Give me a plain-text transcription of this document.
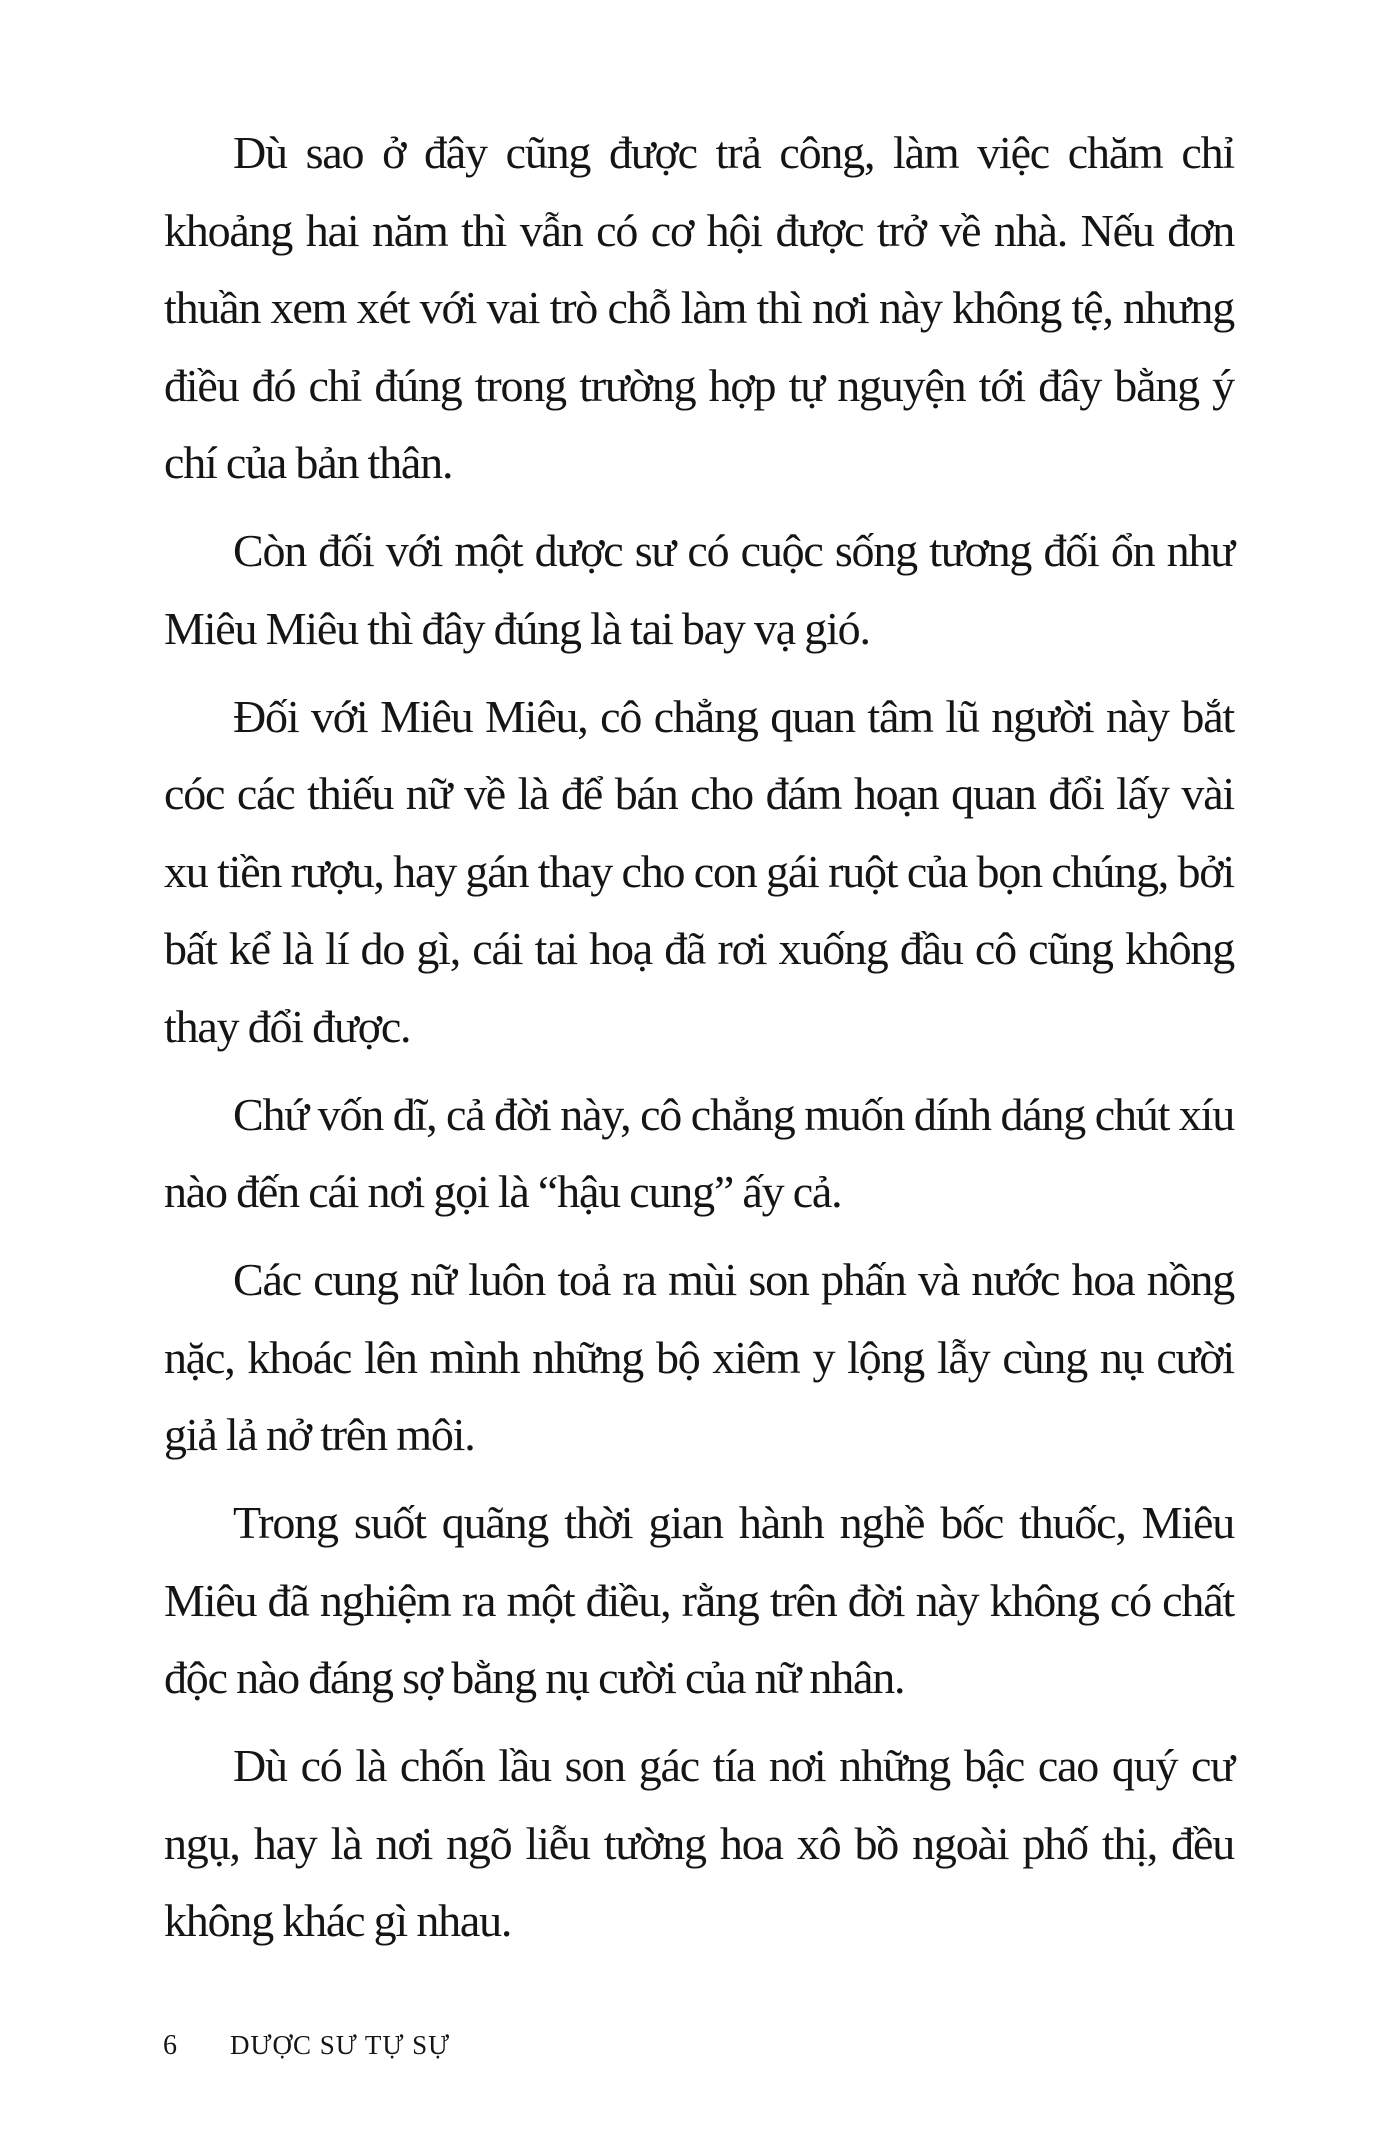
Dù sao ở đây cũng được trả công, làm việc chăm chỉ khoảng hai năm thì vẫn có cơ hội được trở về nhà. Nếu đơn thuần xem xét với vai trò chỗ làm thì nơi này không tệ, nhưng điều đó chỉ đúng trong trường hợp tự nguyện tới đây bằng ý chí của bản thân.

Còn đối với một dược sư có cuộc sống tương đối ổn như Miêu Miêu thì đây đúng là tai bay vạ gió.

Đối với Miêu Miêu, cô chẳng quan tâm lũ người này bắt cóc các thiếu nữ về là để bán cho đám hoạn quan đổi lấy vài xu tiền rượu, hay gán thay cho con gái ruột của bọn chúng, bởi bất kể là lí do gì, cái tai hoạ đã rơi xuống đầu cô cũng không thay đổi được.

Chứ vốn dĩ, cả đời này, cô chẳng muốn dính dáng chút xíu nào đến cái nơi gọi là “hậu cung” ấy cả.

Các cung nữ luôn toả ra mùi son phấn và nước hoa nồng nặc, khoác lên mình những bộ xiêm y lộng lẫy cùng nụ cười giả lả nở trên môi.

Trong suốt quãng thời gian hành nghề bốc thuốc, Miêu Miêu đã nghiệm ra một điều, rằng trên đời này không có chất độc nào đáng sợ bằng nụ cười của nữ nhân.

Dù có là chốn lầu son gác tía nơi những bậc cao quý cư ngụ, hay là nơi ngõ liễu tường hoa xô bồ ngoài phố thị, đều không khác gì nhau.

6	DƯỢC SƯ TỰ SỰ
